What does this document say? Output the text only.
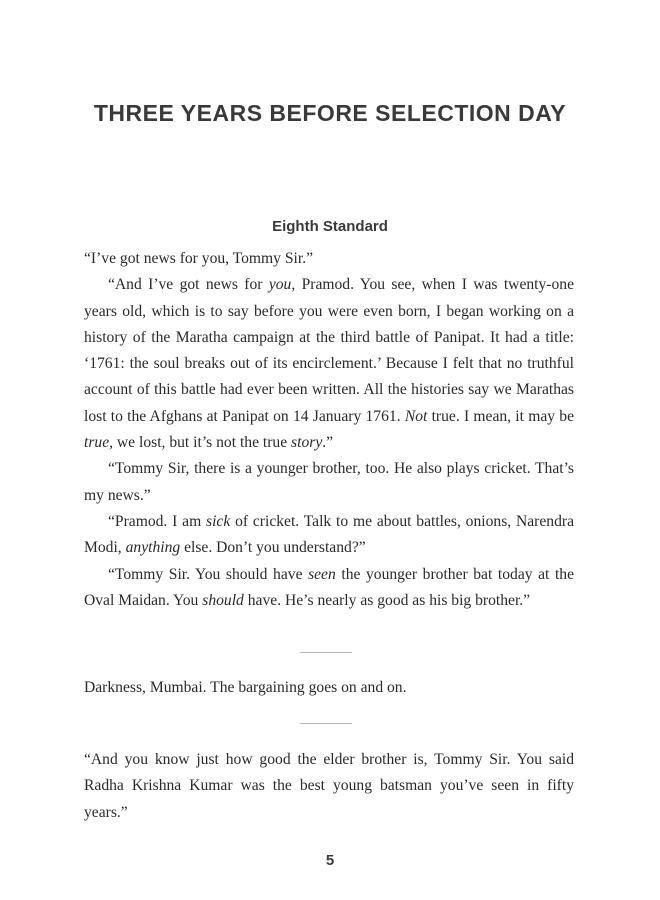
THREE YEARS BEFORE SELECTION DAY
Eighth Standard

“I’ve got news for you, Tommy Sir.”

“And I’ve got news for you, Pramod. You see, when I was twenty-one years old, which is to say before you were even born, I began working on a history of the Maratha campaign at the third battle of Panipat. It had a title: ‘1761: the soul breaks out of its encirclement.’ Because I felt that no truthful account of this battle had ever been written. All the histories say we Marathas lost to the Afghans at Panipat on 14 January 1761. Not true. I mean, it may be true, we lost, but it’s not the true story.”

“Tommy Sir, there is a younger brother, too. He also plays cricket. That’s my news.”

“Pramod. I am sick of cricket. Talk to me about battles, onions, Narendra Modi, anything else. Don’t you understand?”

“Tommy Sir. You should have seen the younger brother bat today at the Oval Maidan. You should have. He’s nearly as good as his big brother.”

Darkness, Mumbai. The bargaining goes on and on.

“And you know just how good the elder brother is, Tommy Sir. You said Radha Krishna Kumar was the best young batsman you’ve seen in fifty years.”

5
